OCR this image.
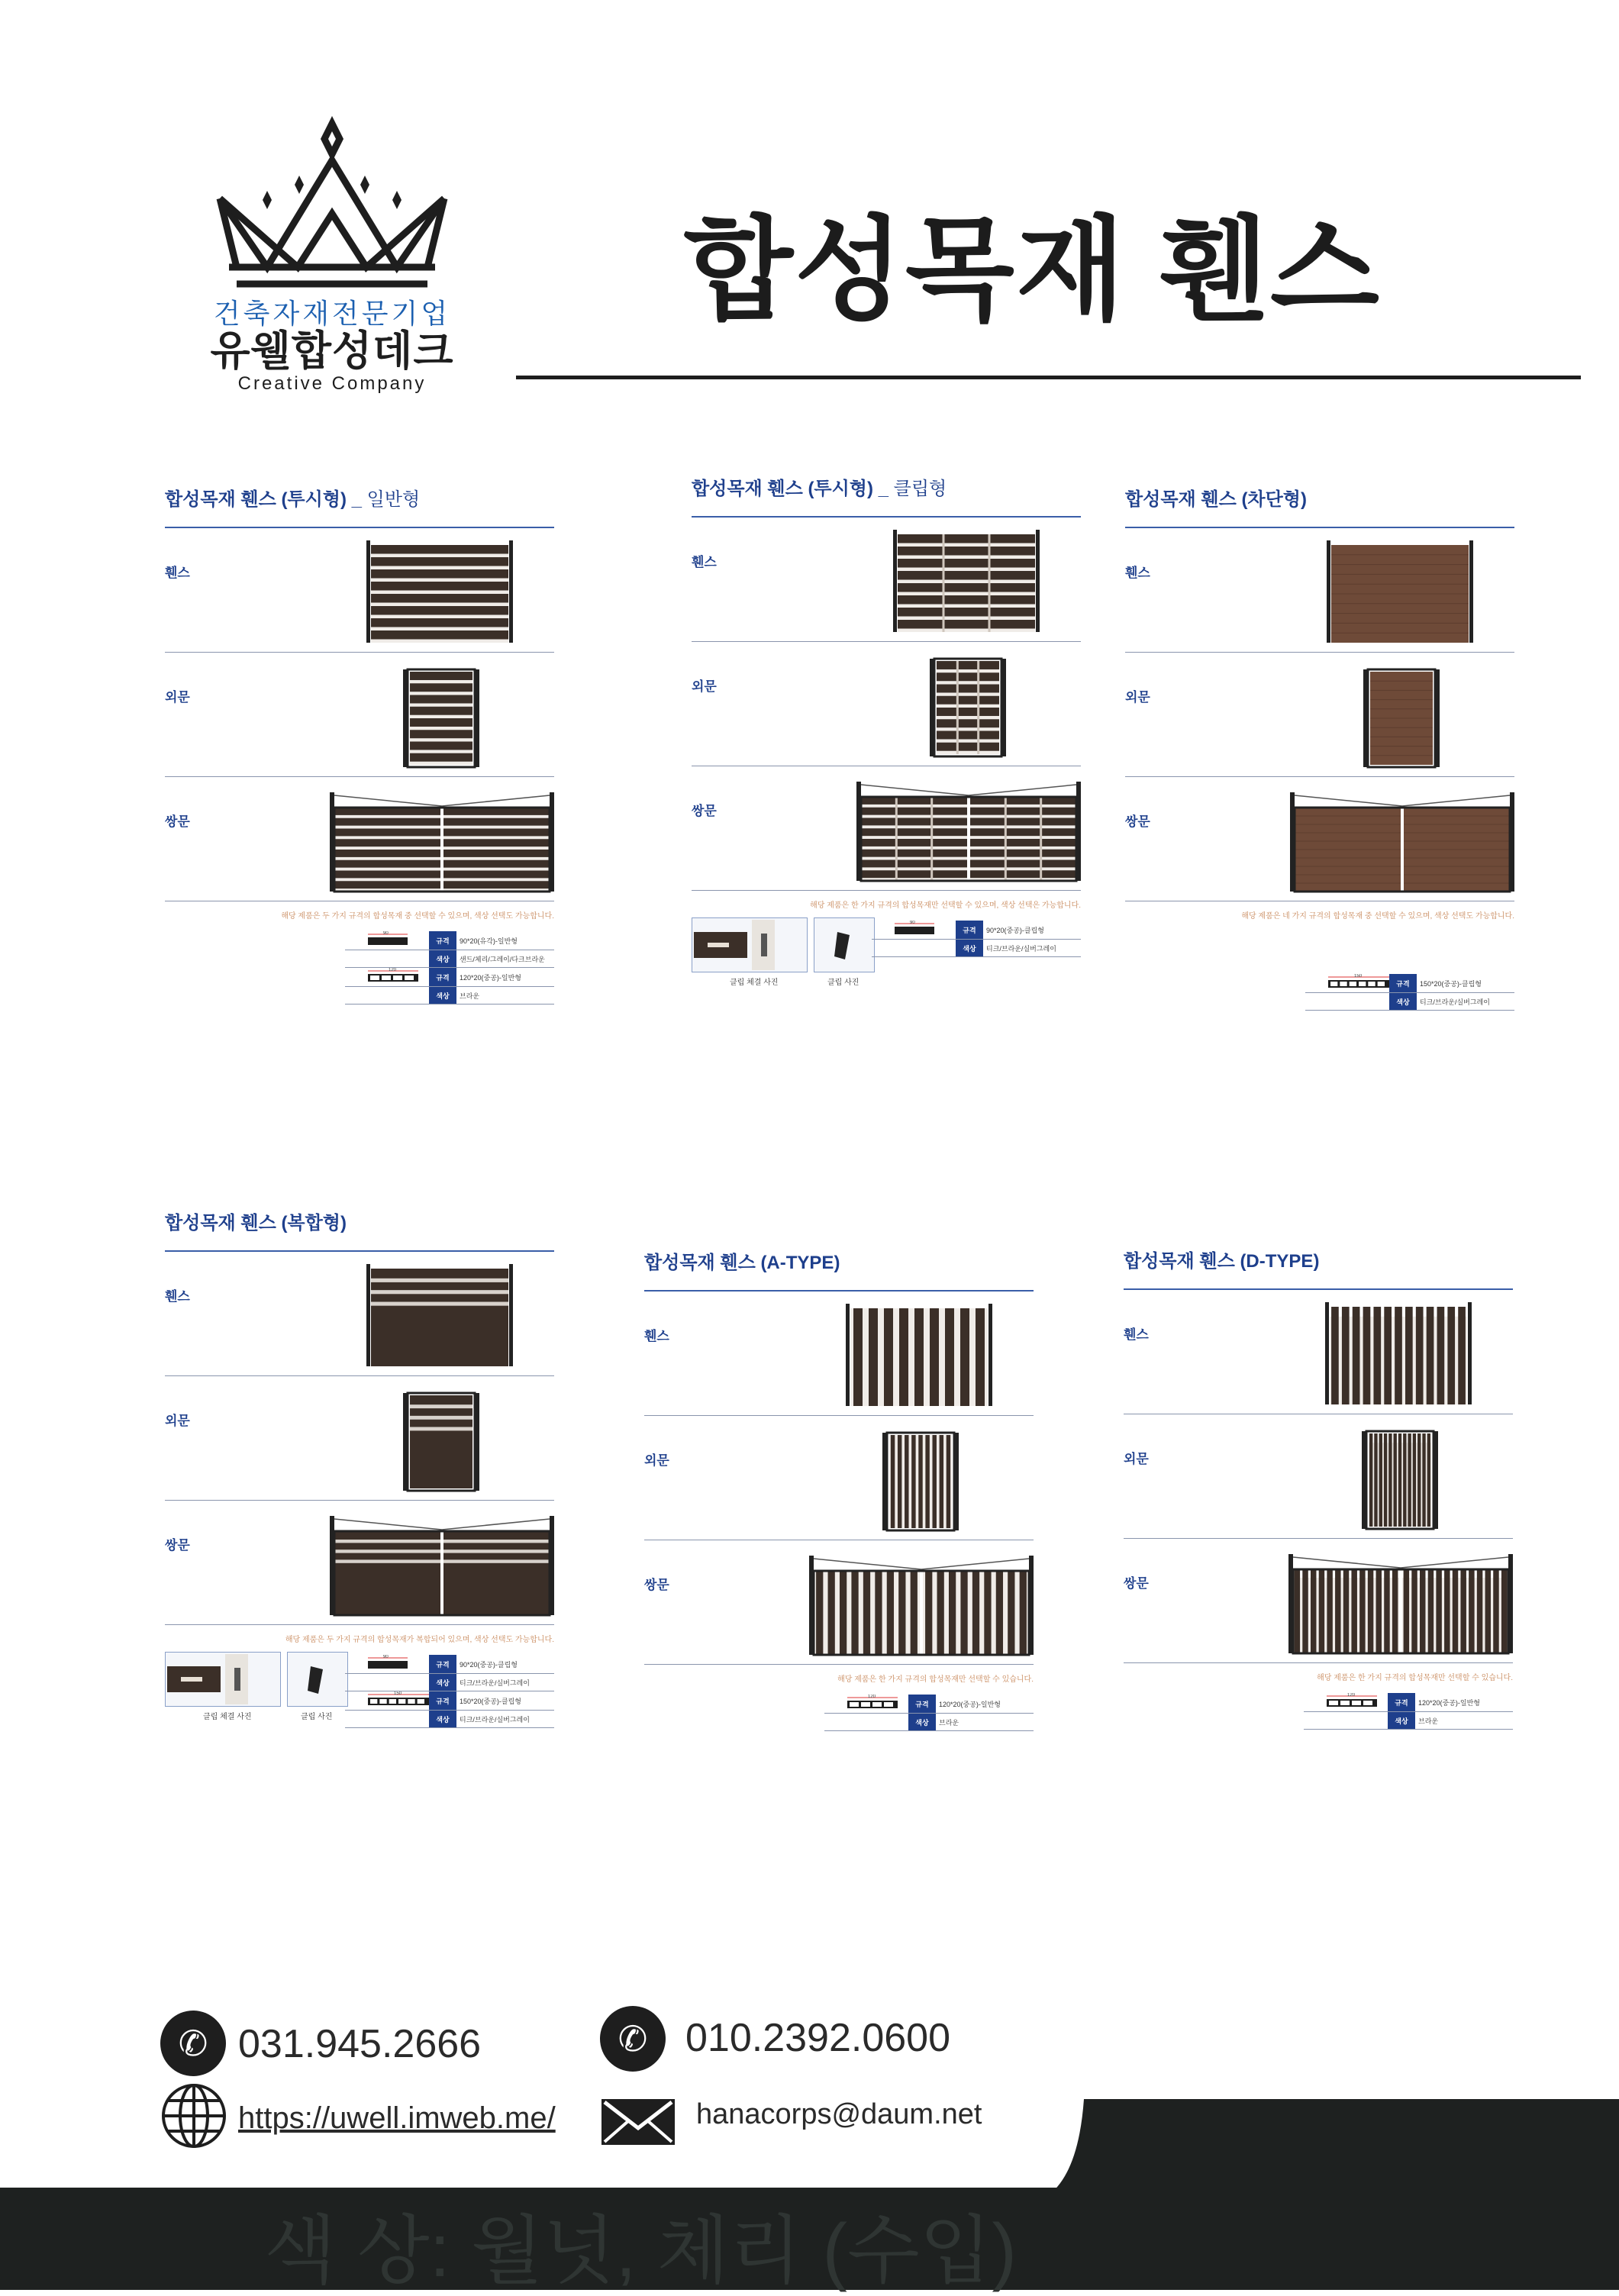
건축자재전문기업
유웰합성데크
Creative Company
합성목재 휀스
합성목재 휀스 (투시형) _ 일반형
휀스
외문
쌍문
해당 제품은 두 가지 규격의 합성목재 중 선택할 수 있으며, 색상 선택도 가능합니다.
90	규격	90*20(유각)-일반형
	색상	샌드/체리/그레이/다크브라운

120	규격	120*20(중공)-일반형
	색상	브라운
합성목재 휀스 (투시형) _ 클립형
휀스
외문
쌍문
해당 제품은 한 가지 규격의 합성목재만 선택할 수 있으며, 색상 선택은 가능합니다.
클립 체결 사진	클립 사진
90	규격	90*20(중공)-클립형
	색상	티크/브라운/실버그레이
합성목재 휀스 (차단형)
휀스
외문
쌍문
해당 제품은 네 가지 규격의 합성목재 중 선택할 수 있으며, 색상 선택도 가능합니다.
150	규격	150*20(중공)-클립형
	색상	티크/브라운/실버그레이
합성목재 휀스 (복합형)
휀스
외문
쌍문
해당 제품은 두 가지 규격의 합성목재가 복합되어 있으며, 색상 선택도 가능합니다.
클립 체결 사진	클립 사진
90	규격	90*20(중공)-클립형
	색상	티크/브라운/실버그레이

150	규격	150*20(중공)-클립형
	색상	티크/브라운/실버그레이
합성목재 휀스 (A-TYPE)
휀스
외문
쌍문
해당 제품은 한 가지 규격의 합성목재만 선택할 수 있습니다.
120	규격	120*20(중공)-일반형
	색상	브라운
합성목재 휀스 (D-TYPE)
휀스
외문
쌍문
해당 제품은 한 가지 규격의 합성목재만 선택할 수 있습니다.
120	규격	120*20(중공)-일반형
	색상	브라운
✆ 031.945.2666	✆ 010.2392.0600
https://uwell.imweb.me/	hanacorps@daum.net
색 상: 월넛, 체리 (수입)
